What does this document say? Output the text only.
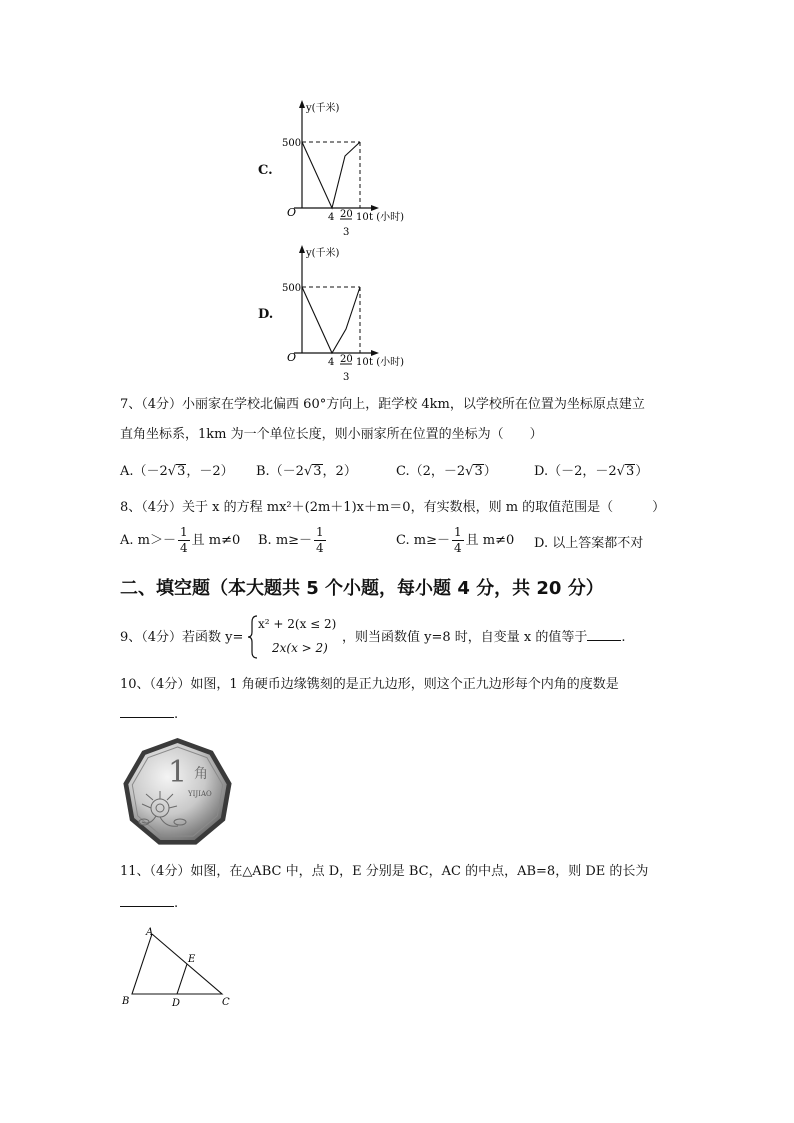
C.
y(千米)
500
O	4 20
3
10 t (小时)
D.
y(千米)
500
O	4 20
3
10 t (小时)
7、（4分）小丽家在学校北偏西 60°方向上，距学校 4km，以学校所在位置为坐标原点建立
直角坐标系，1km 为一个单位长度，则小丽家所在位置的坐标为（　　）
A.（－2√3，－2） B.（－2√3，2）	C.（2，－2√3）	D.（－2，－2√3）
8、（4分）关于 x 的方程 mx²＋(2m＋1)x＋m＝0，有实数根，则 m 的取值范围是（　　　）
A. $m>- \frac{1}{4}$ 且 m≠0 B. $m\ge- \frac{1}{4}$	C. $m\ge- \frac{1}{4}$ 且 m≠0 D. 以上答案都不对
二、填空题（本大题共 5 个小题，每小题 4 分，共 20 分）
9、（4分）若函数 y=
x² + 2(x ≤ 2)
2x(x > 2)
，则当函数值 y=8 时，自变量 x 的值等于	.
10、（4分）如图，1 角硬币边缘镌刻的是正九边形，则这个正九边形每个内角的度数是
.
1 角
YIJIAO
11、（4分）如图，在△ABC 中，点 D，E 分别是 BC，AC 的中点，AB=8，则 DE 的长为
.
A
B	C
D
E
